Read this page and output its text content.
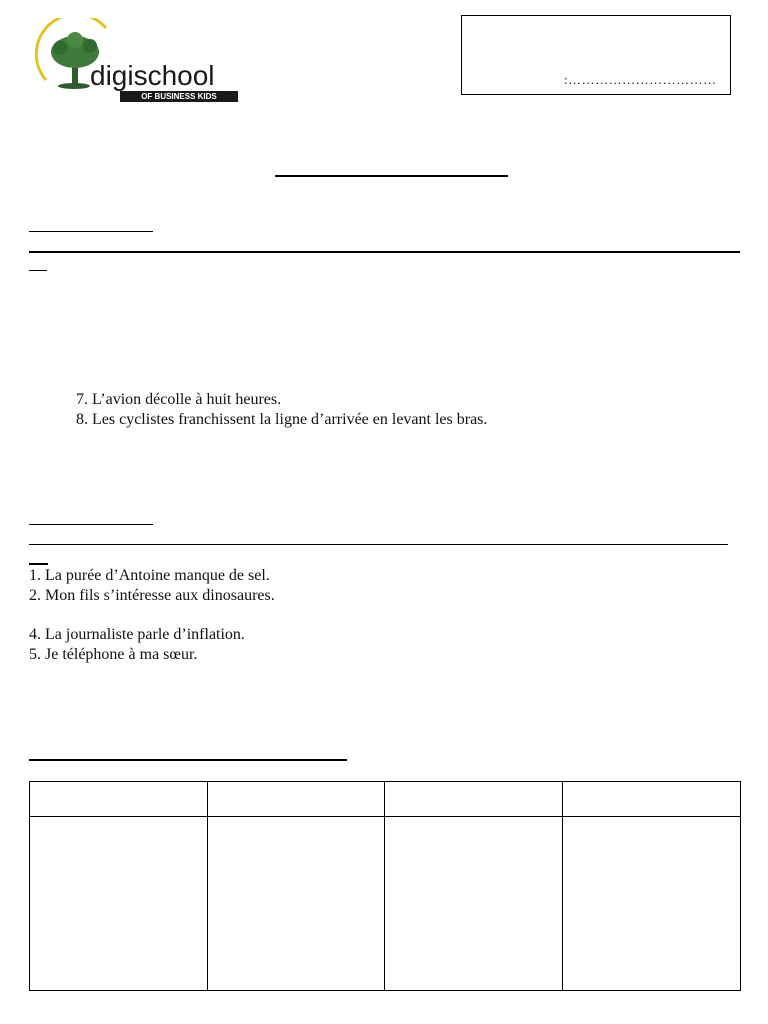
digischool
OF BUSINESS KIDS
:……………………………
7. L’avion décolle à huit heures.
8. Les cyclistes franchissent la ligne d’arrivée en levant les bras.
1. La purée d’Antoine manque de sel.
2. Mon fils s’intéresse aux dinosaures.
4. La journaliste parle d’inflation.
5. Je téléphone à ma sœur.
